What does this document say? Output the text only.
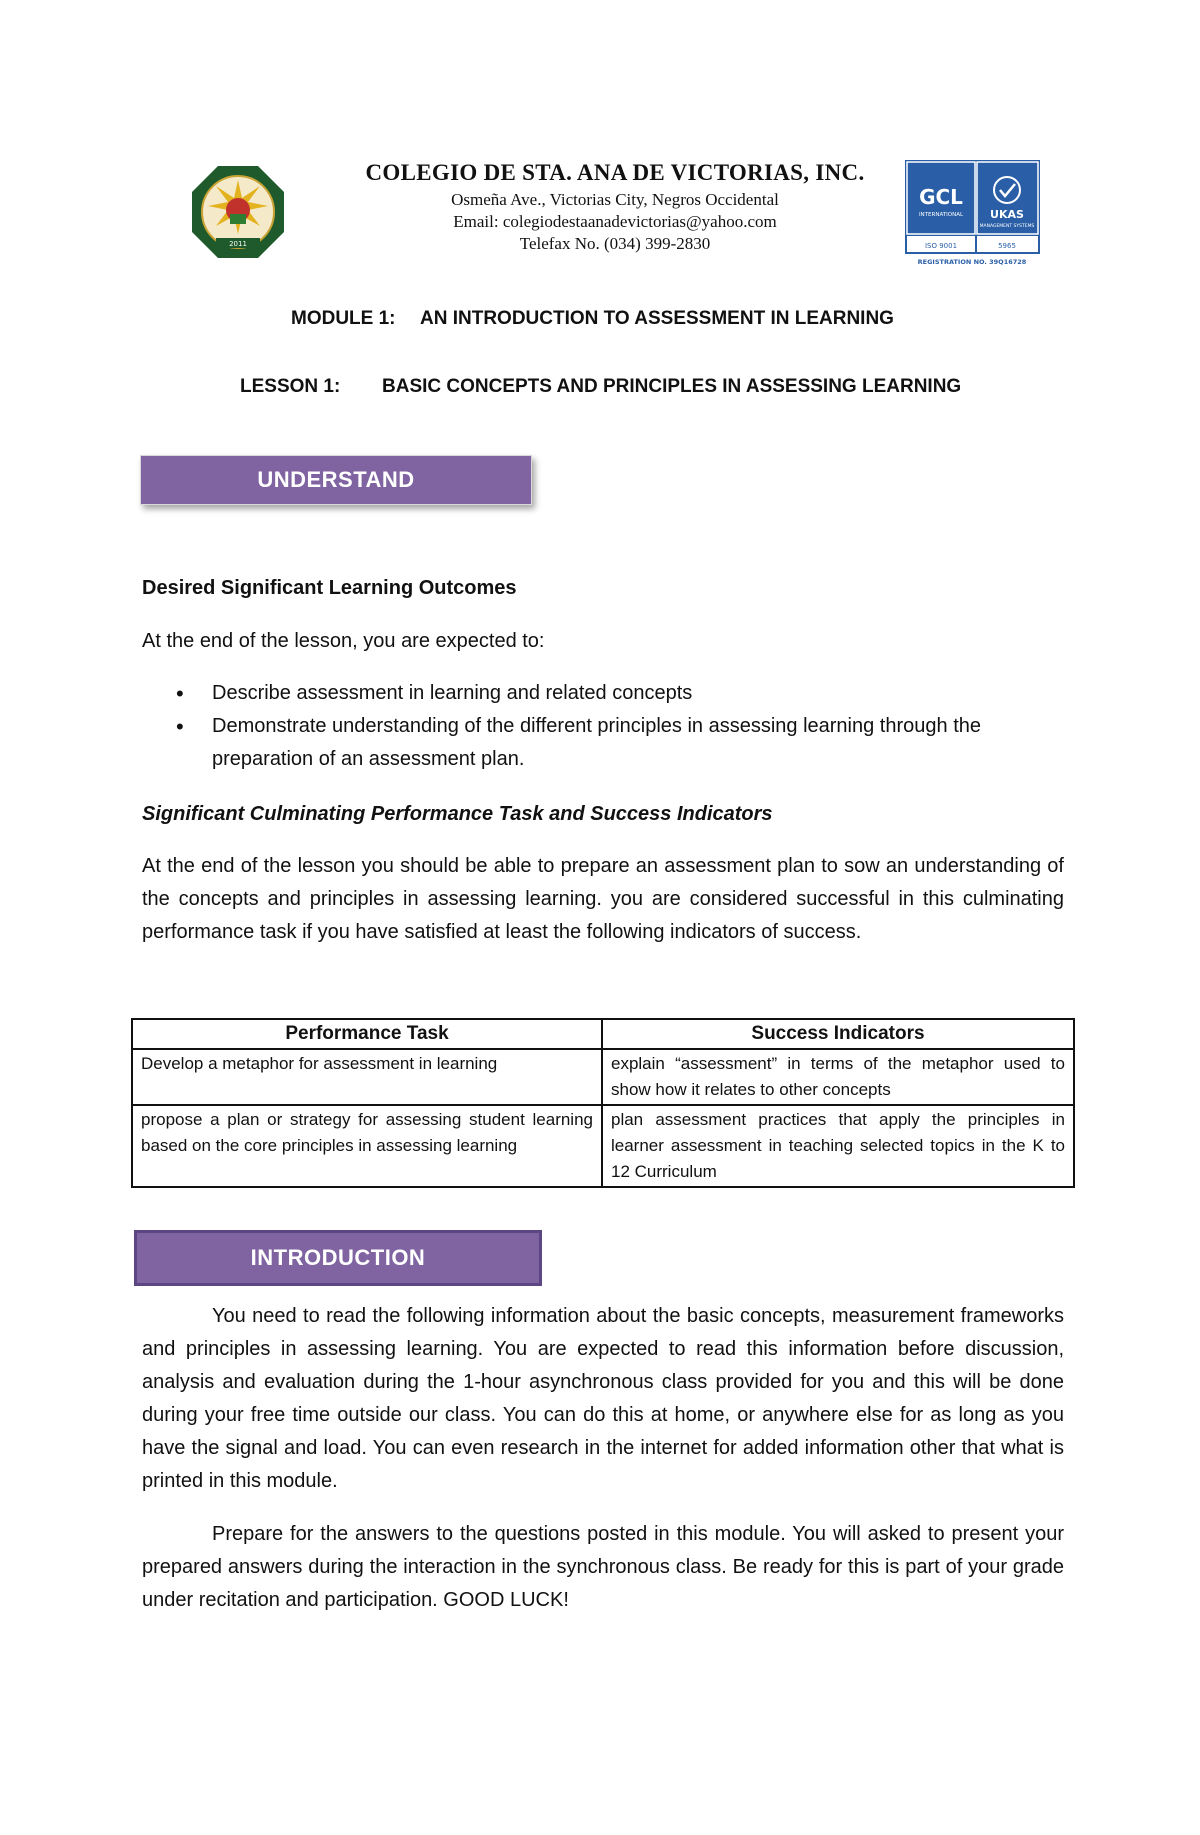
2011
COLEGIO DE STA. ANA DE VICTORIAS, INC.
Osmeña Ave., Victorias City, Negros Occidental
Email: colegiodestaanadevictorias@yahoo.com
Telefax No. (034) 399-2830
GCL
INTERNATIONAL UKAS
MANAGEMENT SYSTEMS
ISO 9001	5965
REGISTRATION NO. 39Q16728
MODULE 1: AN INTRODUCTION TO ASSESSMENT IN LEARNING
LESSON 1: BASIC CONCEPTS AND PRINCIPLES IN ASSESSING LEARNING
UNDERSTAND
Desired Significant Learning Outcomes
At the end of the lesson, you are expected to:
• Describe assessment in learning and related concepts
• Demonstrate understanding of the different principles in assessing learning through the preparation of an assessment plan.
Significant Culminating Performance Task and Success Indicators
At the end of the lesson you should be able to prepare an assessment plan to sow an understanding of the concepts and principles in assessing learning. you are considered successful in this culminating performance task if you have satisfied at least the following indicators of success.
Performance Task	Success Indicators
Develop a metaphor for assessment in learning	explain “assessment” in terms of the metaphor used to show how it relates to other concepts
propose a plan or strategy for assessing student learning based on the core principles in assessing learning	plan assessment practices that apply the principles in learner assessment in teaching selected topics in the K to 12 Curriculum
INTRODUCTION
You need to read the following information about the basic concepts, measurement frameworks and principles in assessing learning. You are expected to read this information before discussion, analysis and evaluation during the 1-hour asynchronous class provided for you and this will be done during your free time outside our class. You can do this at home, or anywhere else for as long as you have the signal and load. You can even research in the internet for added information other that what is printed in this module.
Prepare for the answers to the questions posted in this module. You will asked to present your prepared answers during the interaction in the synchronous class. Be ready for this is part of your grade under recitation and participation. GOOD LUCK!
